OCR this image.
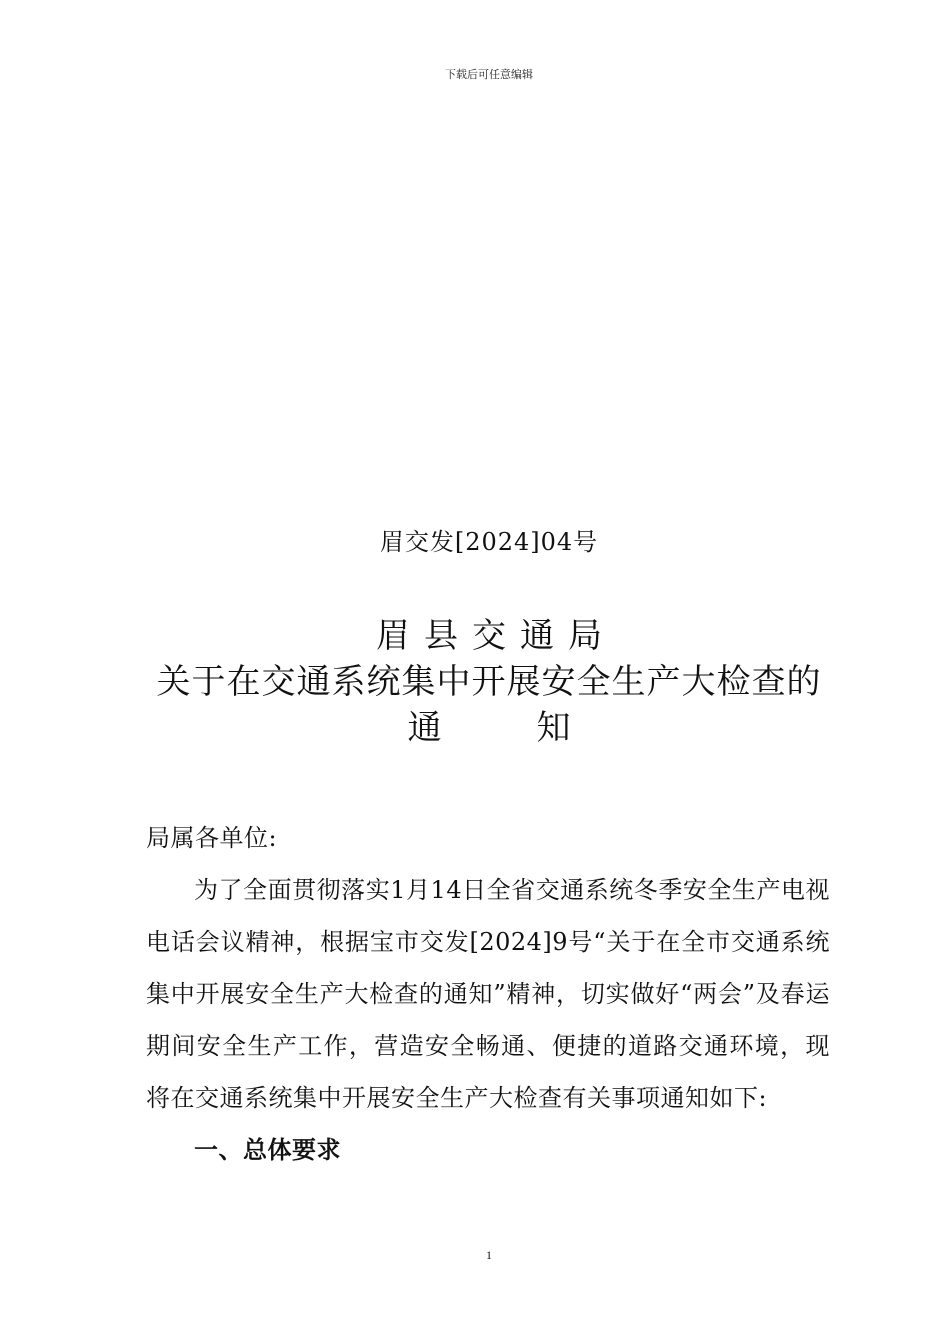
下载后可任意编辑
眉交发[2024]04号
眉县交通局
关于在交通系统集中开展安全生产大检查的
通	知

局属各单位:

为了全面贯彻落实1月14日全省交通系统冬季安全生产电视电话会议精神，根据宝市交发[2024]9号“关于在全市交通系统集中开展安全生产大检查的通知”精神，切实做好“两会”及春运期间安全生产工作，营造安全畅通、便捷的道路交通环境，现将在交通系统集中开展安全生产大检查有关事项通知如下:

一、总体要求

1
